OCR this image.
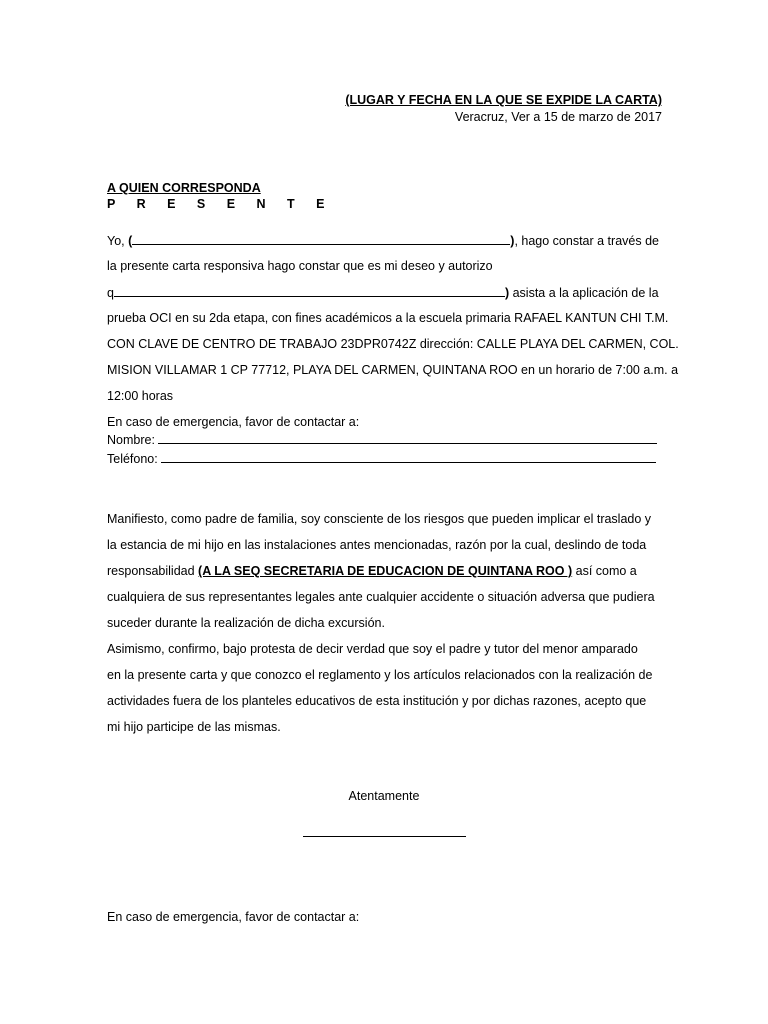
(LUGAR Y FECHA EN LA QUE SE EXPIDE LA CARTA)
Veracruz, Ver a 15 de marzo de 2017
A QUIEN CORRESPONDA
P R E S E N T E
Yo, (	), hago constar a través de
la presente carta responsiva hago constar que es mi deseo y autorizo
q	) asista a la aplicación de la
prueba OCI en su 2da etapa, con fines académicos a la escuela primaria RAFAEL KANTUN CHI T.M.
CON CLAVE DE CENTRO DE TRABAJO 23DPR0742Z dirección: CALLE PLAYA DEL CARMEN, COL.
MISION VILLAMAR 1 CP 77712, PLAYA DEL CARMEN, QUINTANA ROO en un horario de 7:00 a.m. a
12:00 horas
En caso de emergencia, favor de contactar a:
Nombre:
Teléfono:
Manifiesto, como padre de familia, soy consciente de los riesgos que pueden implicar el traslado y
la estancia de mi hijo en las instalaciones antes mencionadas, razón por la cual, deslindo de toda
responsabilidad (A LA SEQ SECRETARIA DE EDUCACION DE QUINTANA ROO ) así como a
cualquiera de sus representantes legales ante cualquier accidente o situación adversa que pudiera
suceder durante la realización de dicha excursión.
Asimismo, confirmo, bajo protesta de decir verdad que soy el padre y tutor del menor amparado
en la presente carta y que conozco el reglamento y los artículos relacionados con la realización de
actividades fuera de los planteles educativos de esta institución y por dichas razones, acepto que
mi hijo participe de las mismas.
Atentamente
En caso de emergencia, favor de contactar a:
